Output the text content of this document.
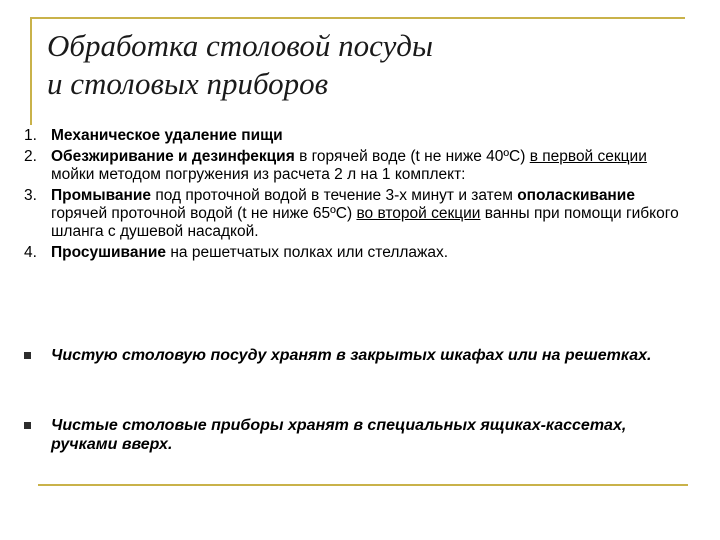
Обработка столовой посуды
и столовых приборов
1. Механическое удаление пищи
2. Обезжиривание и дезинфекция в горячей воде (t не ниже 40ºС) в первой секции мойки методом погружения из расчета 2 л на 1 комплект:
3. Промывание под проточной водой в течение 3-х минут и затем ополаскивание горячей проточной водой (t не ниже 65ºС) во второй секции ванны при помощи гибкого шланга с душевой насадкой.
4. Просушивание на решетчатых полках или стеллажах.
Чистую столовую посуду хранят в закрытых шкафах или на решетках.
Чистые столовые приборы хранят в специальных ящиках-кассетах, ручками вверх.
